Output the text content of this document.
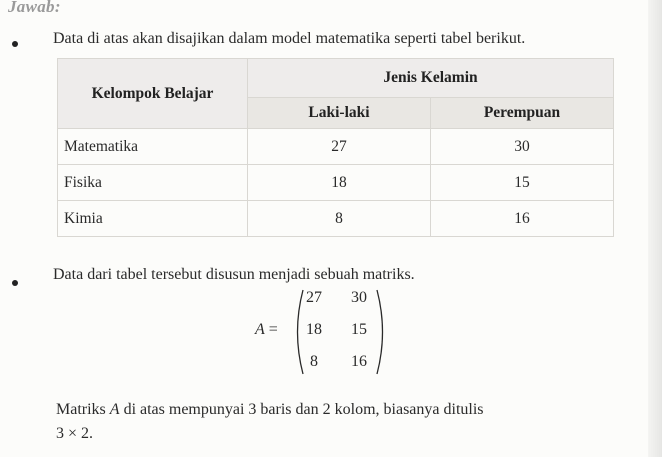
Jawab:
Data di atas akan disajikan dalam model matematika seperti tabel berikut.
Kelompok Belajar	Jenis Kelamin	
	Laki-laki	Perempuan
Matematika	27	30
Fisika	18	15
Kimia	8	16
Data dari tabel tersebut disusun menjadi sebuah matriks.
A =
27 30
18 15
8 16
Matriks A di atas mempunyai 3 baris dan 2 kolom, biasanya ditulis
3 × 2.
